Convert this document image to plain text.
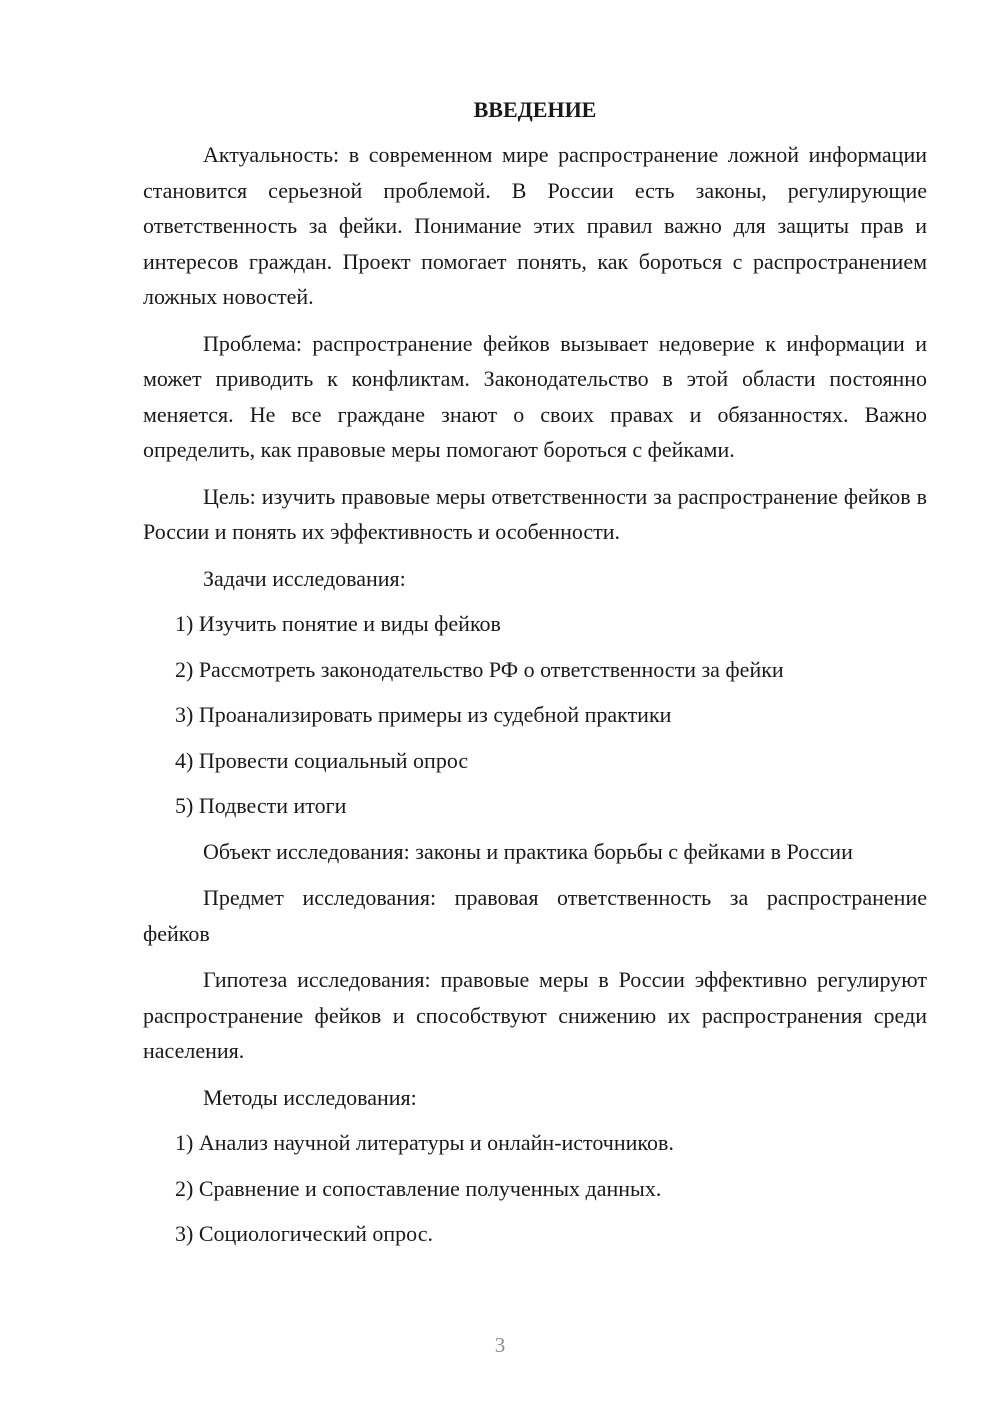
ВВЕДЕНИЕ

Актуальность: в современном мире распространение ложной информации становится серьезной проблемой. В России есть законы, регулирующие ответственность за фейки. Понимание этих правил важно для защиты прав и интересов граждан. Проект помогает понять, как бороться с распространением ложных новостей.

Проблема: распространение фейков вызывает недоверие к информации и может приводить к конфликтам. Законодательство в этой области постоянно меняется. Не все граждане знают о своих правах и обязанностях. Важно определить, как правовые меры помогают бороться с фейками.

Цель: изучить правовые меры ответственности за распространение фейков в России и понять их эффективность и особенности.

Задачи исследования:

1) Изучить понятие и виды фейков

2) Рассмотреть законодательство РФ о ответственности за фейки

3) Проанализировать примеры из судебной практики

4) Провести социальный опрос

5) Подвести итоги

Объект исследования: законы и практика борьбы с фейками в России

Предмет исследования: правовая ответственность за распространение фейков

Гипотеза исследования: правовые меры в России эффективно регулируют распространение фейков и способствуют снижению их распространения среди населения.

Методы исследования:

1) Анализ научной литературы и онлайн-источников.

2) Сравнение и сопоставление полученных данных.

3) Социологический опрос.

3
